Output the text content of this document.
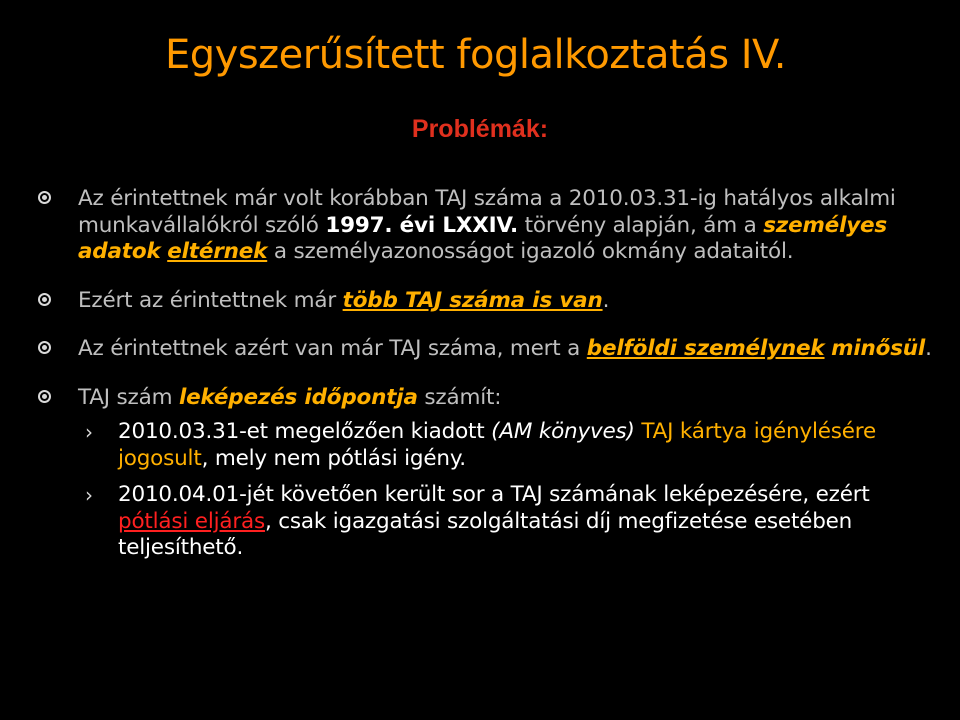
Egyszerűsített foglalkoztatás IV.
Problémák:
Az érintettnek már volt korábban TAJ száma a 2010.03.31-ig hatályos alkalmi munkavállalókról szóló 1997. évi LXXIV. törvény alapján, ám a személyes adatok eltérnek a személyazonosságot igazoló okmány adataitól.
Ezért az érintettnek már több TAJ száma is van.
Az érintettnek azért van már TAJ száma, mert a belföldi személynek minősül.
TAJ szám leképezés időpontja számít:
› 2010.03.31-et megelőzően kiadott (AM könyves) TAJ kártya igénylésére jogosult, mely nem pótlási igény.
› 2010.04.01-jét követően került sor a TAJ számának leképezésére, ezért pótlási eljárás, csak igazgatási szolgáltatási díj megfizetése esetében teljesíthető.
